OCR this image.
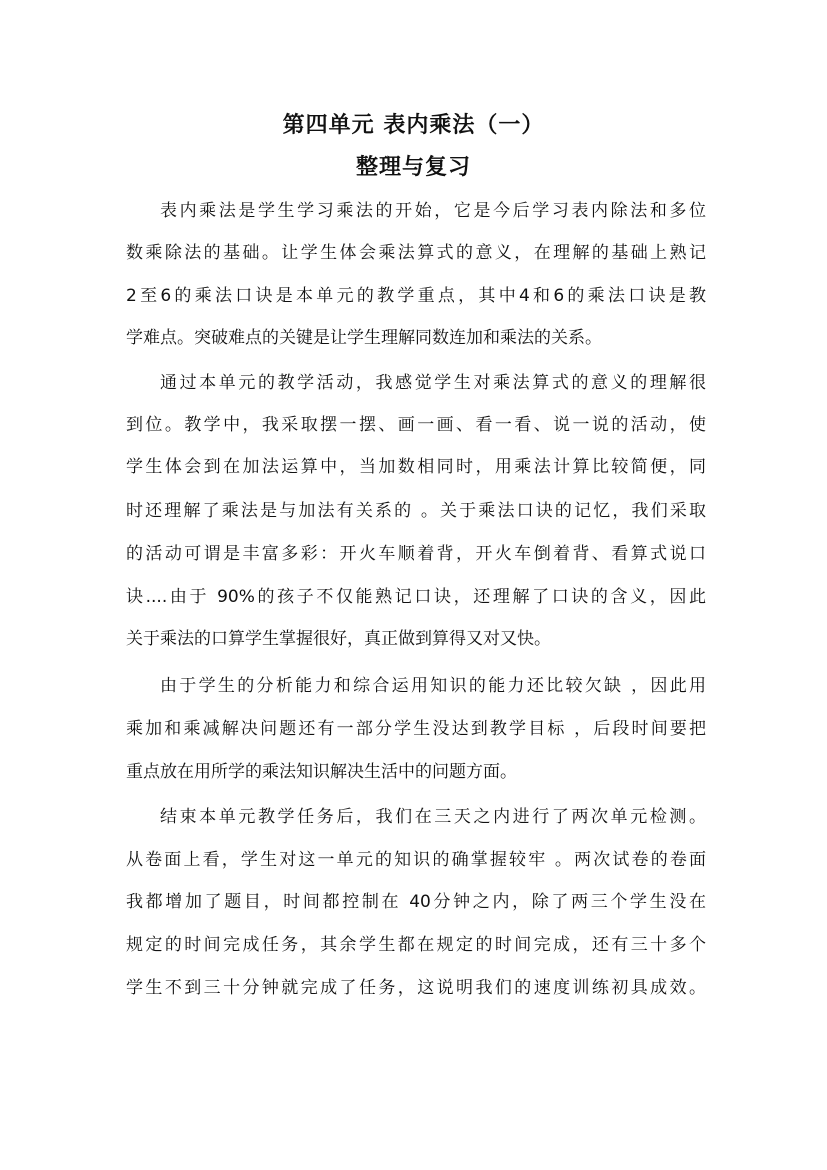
第四单元 表内乘法（一）
整理与复习
表内乘法是学生学习乘法的开始，它是今后学习表内除法和多位
数乘除法的基础。让学生体会乘法算式的意义，在理解的基础上熟记
2至6的乘法口诀是本单元的教学重点，其中4和6的乘法口诀是教
学难点。突破难点的关键是让学生理解同数连加和乘法的关系。
通过本单元的教学活动，我感觉学生对乘法算式的意义的理解很
到位。教学中，我采取摆一摆、画一画、看一看、说一说的活动，使
学生体会到在加法运算中，当加数相同时，用乘法计算比较简便，同
时还理解了乘法是与加法有关系的 。关于乘法口诀的记忆，我们采取
的活动可谓是丰富多彩：开火车顺着背，开火车倒着背、看算式说口
诀....由于 90%的孩子不仅能熟记口诀，还理解了口诀的含义，因此
关于乘法的口算学生掌握很好，真正做到算得又对又快。
由于学生的分析能力和综合运用知识的能力还比较欠缺 ，因此用
乘加和乘减解决问题还有一部分学生没达到教学目标 ，后段时间要把
重点放在用所学的乘法知识解决生活中的问题方面。
结束本单元教学任务后，我们在三天之内进行了两次单元检测。
从卷面上看，学生对这一单元的知识的确掌握较牢 。两次试卷的卷面
我都增加了题目，时间都控制在 40分钟之内，除了两三个学生没在
规定的时间完成任务，其余学生都在规定的时间完成，还有三十多个
学生不到三十分钟就完成了任务，这说明我们的速度训练初具成效。
